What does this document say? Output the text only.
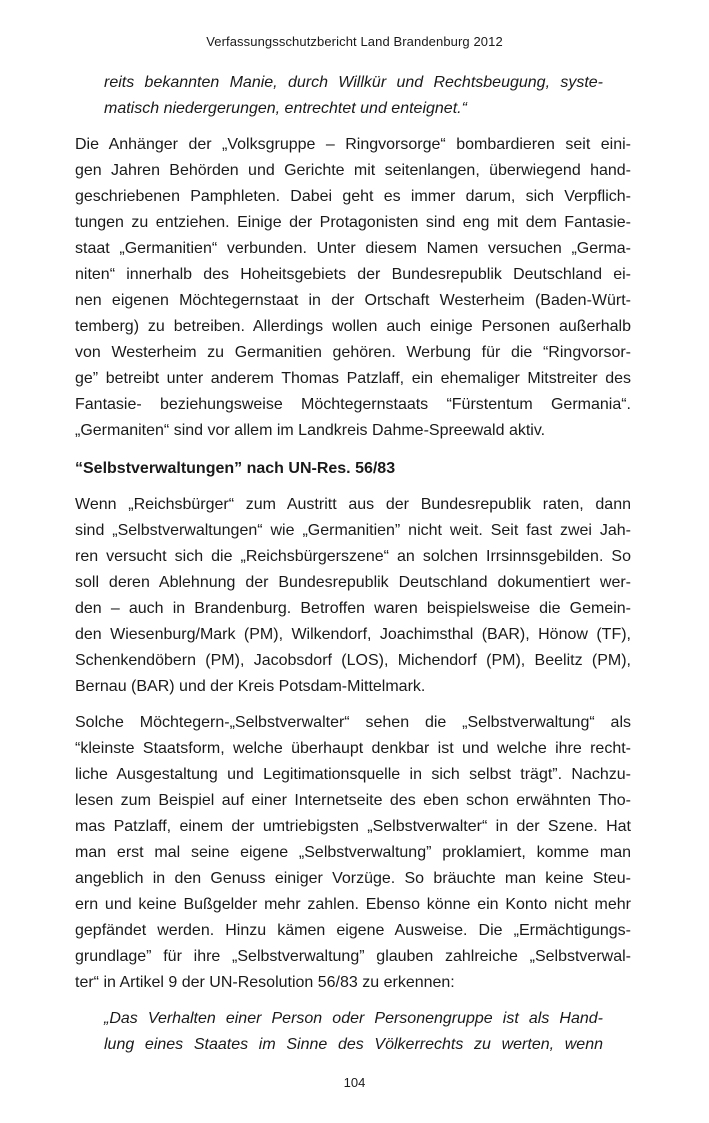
Verfassungsschutzbericht Land Brandenburg 2012
reits bekannten Manie, durch Willkür und Rechtsbeugung, syste-
matisch niedergerungen, entrechtet und enteignet.“
Die Anhänger der „Volksgruppe – Ringvorsorge“ bombardieren seit eini-
gen Jahren Behörden und Gerichte mit seitenlangen, überwiegend hand-
geschriebenen Pamphleten. Dabei geht es immer darum, sich Verpflich-
tungen zu entziehen. Einige der Protagonisten sind eng mit dem Fantasie-
staat „Germanitien“ verbunden. Unter diesem Namen versuchen „Germa-
niten“ innerhalb des Hoheitsgebiets der Bundesrepublik Deutschland ei-
nen eigenen Möchtegernstaat in der Ortschaft Westerheim (Baden-Würt-
temberg) zu betreiben. Allerdings wollen auch einige Personen außerhalb
von Westerheim zu Germanitien gehören. Werbung für die “Ringvorsor-
ge” betreibt unter anderem Thomas Patzlaff, ein ehemaliger Mitstreiter des
Fantasie- beziehungsweise Möchtegernstaats “Fürstentum Germania“.
„Germaniten“ sind vor allem im Landkreis Dahme-Spreewald aktiv.
“Selbstverwaltungen” nach UN-Res. 56/83
Wenn „Reichsbürger“ zum Austritt aus der Bundesrepublik raten, dann
sind „Selbstverwaltungen“ wie „Germanitien” nicht weit. Seit fast zwei Jah-
ren versucht sich die „Reichsbürgerszene“ an solchen Irrsinnsgebilden. So
soll deren Ablehnung der Bundesrepublik Deutschland dokumentiert wer-
den – auch in Brandenburg. Betroffen waren beispielsweise die Gemein-
den Wiesenburg/Mark (PM), Wilkendorf, Joachimsthal (BAR), Hönow (TF),
Schenkendöbern (PM), Jacobsdorf (LOS), Michendorf (PM), Beelitz (PM),
Bernau (BAR) und der Kreis Potsdam-Mittelmark.
Solche Möchtegern-„Selbstverwalter“ sehen die „Selbstverwaltung“ als
“kleinste Staatsform, welche überhaupt denkbar ist und welche ihre recht-
liche Ausgestaltung und Legitimationsquelle in sich selbst trägt”. Nachzu-
lesen zum Beispiel auf einer Internetseite des eben schon erwähnten Tho-
mas Patzlaff, einem der umtriebigsten „Selbstverwalter“ in der Szene. Hat
man erst mal seine eigene „Selbstverwaltung” proklamiert, komme man
angeblich in den Genuss einiger Vorzüge. So bräuchte man keine Steu-
ern und keine Bußgelder mehr zahlen. Ebenso könne ein Konto nicht mehr
gepfändet werden. Hinzu kämen eigene Ausweise. Die „Ermächtigungs-
grundlage” für ihre „Selbstverwaltung” glauben zahlreiche „Selbstverwal-
ter“ in Artikel 9 der UN-Resolution 56/83 zu erkennen:
„Das Verhalten einer Person oder Personengruppe ist als Hand-
lung eines Staates im Sinne des Völkerrechts zu werten, wenn
104
